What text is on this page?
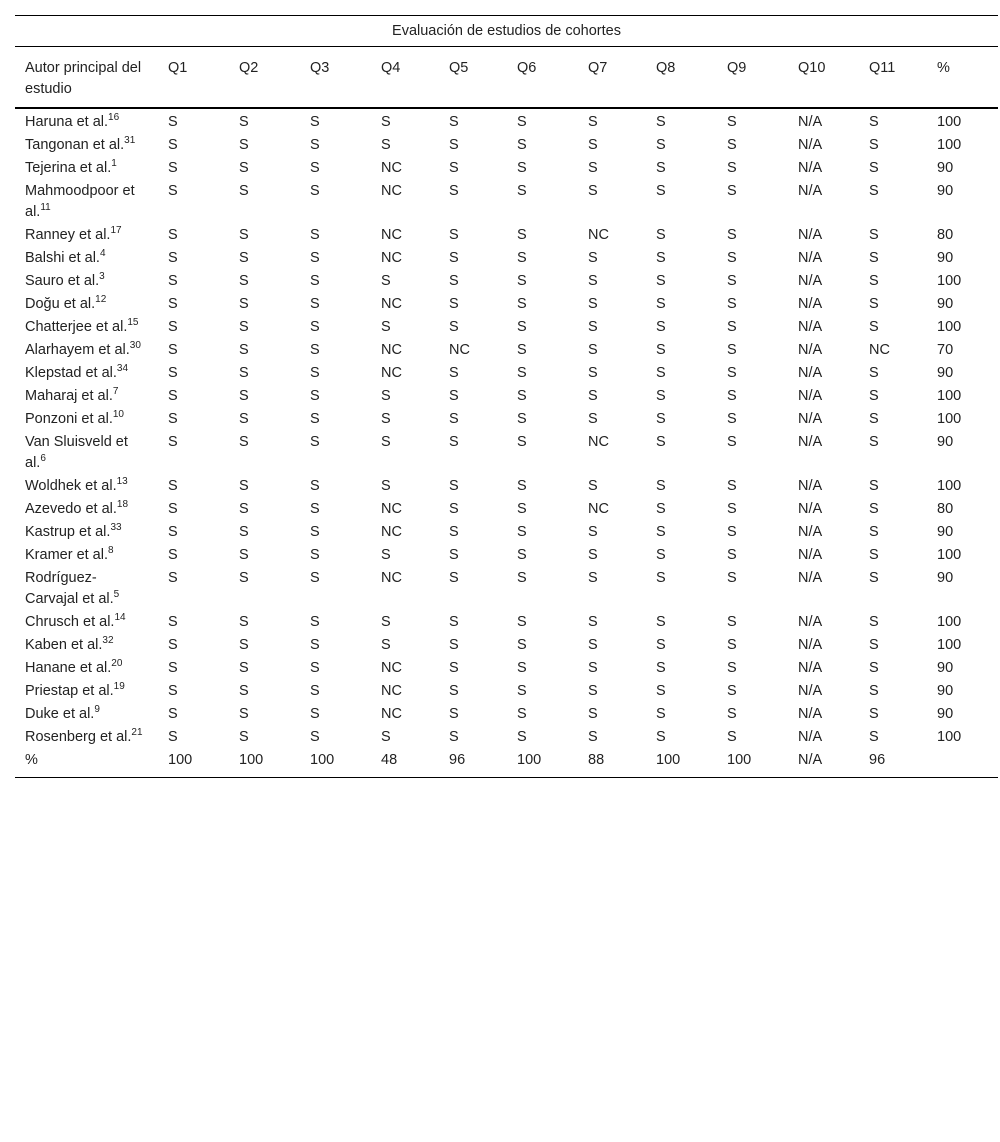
Evaluación de estudios de cohortes												
Autor principal del estudio	Q1	Q2	Q3	Q4	Q5	Q6	Q7	Q8	Q9	Q10	Q11	%
Haruna et al.$^{16}$	S	S	S	S	S	S	S	S	S	N/A	S	100
Tangonan et al.$^{31}$	S	S	S	S	S	S	S	S	S	N/A	S	100
Tejerina et al.$^1$	S	S	S	NC	S	S	S	S	S	N/A	S	90
Mahmoodpoor et al.$^{11}$	S	S	S	NC	S	S	S	S	S	N/A	S	90
Ranney et al.$^{17}$	S	S	S	NC	S	S	NC	S	S	N/A	S	80
Balshi et al.$^4$	S	S	S	NC	S	S	S	S	S	N/A	S	90
Sauro et al.$^3$	S	S	S	S	S	S	S	S	S	N/A	S	100
Doğu et al.$^{12}$	S	S	S	NC	S	S	S	S	S	N/A	S	90
Chatterjee et al.$^{15}$	S	S	S	S	S	S	S	S	S	N/A	S	100
Alarhayem et al.$^{30}$	S	S	S	NC	NC	S	S	S	S	N/A	NC	70
Klepstad et al.$^{34}$	S	S	S	NC	S	S	S	S	S	N/A	S	90
Maharaj et al.$^7$	S	S	S	S	S	S	S	S	S	N/A	S	100
Ponzoni et al.$^{10}$	S	S	S	S	S	S	S	S	S	N/A	S	100
Van Sluisveld et al.$^6$	S	S	S	S	S	S	NC	S	S	N/A	S	90
Woldhek et al.$^{13}$	S	S	S	S	S	S	S	S	S	N/A	S	100
Azevedo et al.$^{18}$	S	S	S	NC	S	S	NC	S	S	N/A	S	80
Kastrup et al.$^{33}$	S	S	S	NC	S	S	S	S	S	N/A	S	90
Kramer et al.$^8$	S	S	S	S	S	S	S	S	S	N/A	S	100
Rodríguez-Carvajal et al.$^5$	S	S	S	NC	S	S	S	S	S	N/A	S	90
Chrusch et al.$^{14}$	S	S	S	S	S	S	S	S	S	N/A	S	100
Kaben et al.$^{32}$	S	S	S	S	S	S	S	S	S	N/A	S	100
Hanane et al.$^{20}$	S	S	S	NC	S	S	S	S	S	N/A	S	90
Priestap et al.$^{19}$	S	S	S	NC	S	S	S	S	S	N/A	S	90
Duke et al.$^9$	S	S	S	NC	S	S	S	S	S	N/A	S	90
Rosenberg et al.$^{21}$	S	S	S	S	S	S	S	S	S	N/A	S	100
%	100	100	100	48	96	100	88	100	100	N/A	96	
